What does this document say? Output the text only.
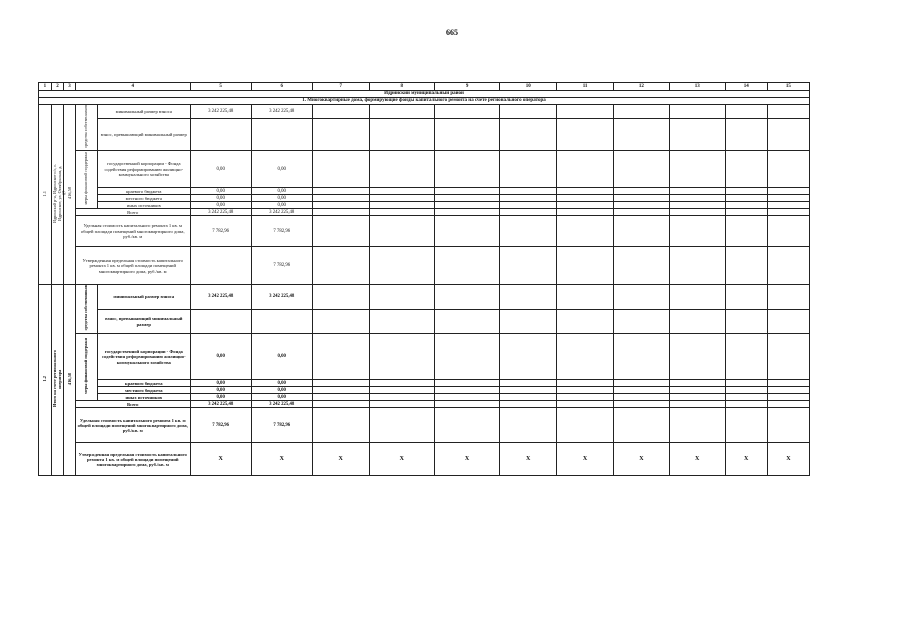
665
1	2	3	4		5	6	7	8	9	10	11	12	13	14	15
Идринский муниципальный район															
1. Многоквартирные дома, формирующие фонды капитального ремонта на счете регионального оператора															
1.1	Идринский р-н, Идринское с/с, с. Идринское, ул. Октябрьская, д. 87	416,58	средства собственников	минимальный размер взноса	3 242 225,48	3 242 225,48									
				взнос, превышающий минимальный размер											
			меры финансовой поддержки	государственной корпорации - Фонда содействия реформированию жилищно-коммунального хозяйства	0,00	0,00									
				краевого бюджета	0,00	0,00									
				местного бюджета	0,00	0,00									
				иных источников	0,00	0,00									
			Всего		3 242 225,48	3 242 225,48									
			Удельная стоимость капитального ремонта 1 кв. м общей площади помещений многоквартирного дома, руб./кв. м		7 782,96	7 782,96									
			Утвержденная предельная стоимость капитального ремонта 1 кв. м общей площади помещений многоквартирного дома, руб./кв. м			7 782,96									
1.2	Итого на счете регионального оператора	416,58	средства собственников	минимальный размер взноса	3 242 225,48	3 242 225,48									
				взнос, превышающий минимальный размер											
			меры финансовой поддержки	государственной корпорации - Фонда содействия реформированию жилищно-коммунального хозяйства	0,00	0,00									
				краевого бюджета	0,00	0,00									
				местного бюджета	0,00	0,00									
				иных источников	0,00	0,00									
			Всего		3 242 225,48	3 242 225,48									
			Удельная стоимость капитального ремонта 1 кв. м общей площади помещений многоквартирного дома, руб./кв. м		7 782,96	7 782,96									
			Утвержденная предельная стоимость капитального ремонта 1 кв. м общей площади помещений многоквартирного дома, руб./кв. м		X	X	X	X	X	X	X	X	X	X	X
